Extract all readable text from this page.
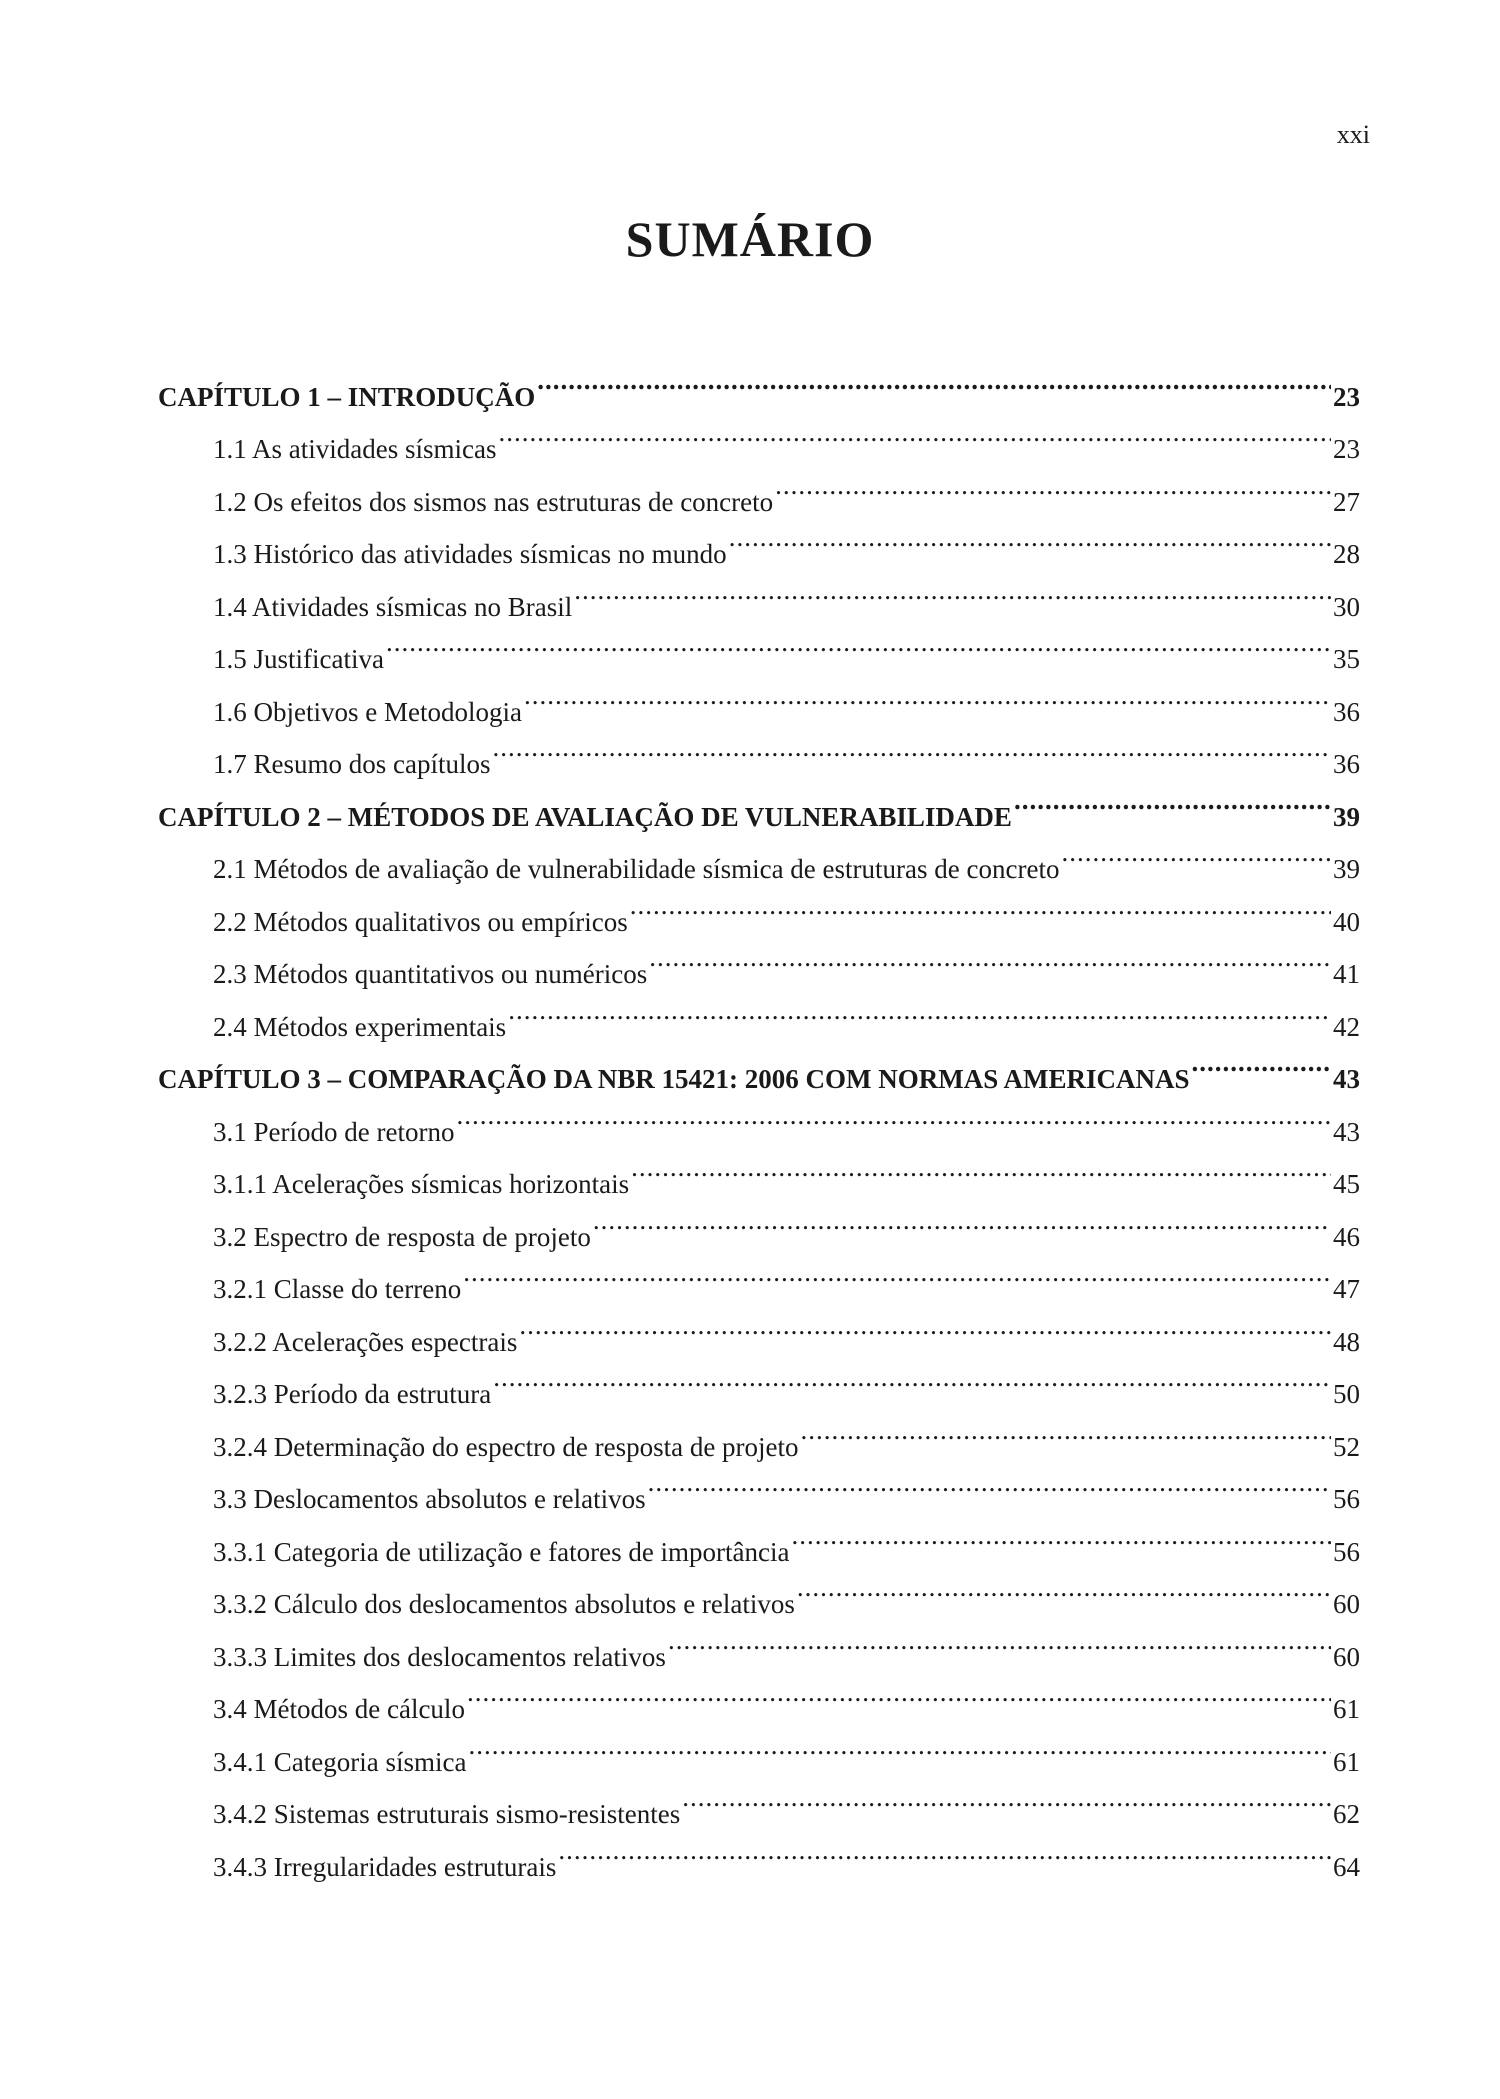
xxi
SUMÁRIO
CAPÍTULO 1 – INTRODUÇÃO .....	23
1.1 As atividades sísmicas .....	23
1.2 Os efeitos dos sismos nas estruturas de concreto .....	27
1.3 Histórico das atividades sísmicas no mundo .....	28
1.4 Atividades sísmicas no Brasil .....	30
1.5 Justificativa .....	35
1.6 Objetivos e Metodologia .....	36
1.7 Resumo dos capítulos .....	36
CAPÍTULO 2 – MÉTODOS DE AVALIAÇÃO DE VULNERABILIDADE .....	39
2.1 Métodos de avaliação de vulnerabilidade sísmica de estruturas de concreto .....	39
2.2 Métodos qualitativos ou empíricos .....	40
2.3 Métodos quantitativos ou numéricos .....	41
2.4 Métodos experimentais .....	42
CAPÍTULO 3 – COMPARAÇÃO DA NBR 15421: 2006 COM NORMAS AMERICANAS .....	43
3.1 Período de retorno .....	43
3.1.1 Acelerações sísmicas horizontais .....	45
3.2 Espectro de resposta de projeto .....	46
3.2.1 Classe do terreno .....	47
3.2.2 Acelerações espectrais .....	48
3.2.3 Período da estrutura .....	50
3.2.4 Determinação do espectro de resposta de projeto .....	52
3.3 Deslocamentos absolutos e relativos .....	56
3.3.1 Categoria de utilização e fatores de importância .....	56
3.3.2 Cálculo dos deslocamentos absolutos e relativos .....	60
3.3.3 Limites dos deslocamentos relativos .....	60
3.4 Métodos de cálculo .....	61
3.4.1 Categoria sísmica .....	61
3.4.2 Sistemas estruturais sismo-resistentes .....	62
3.4.3 Irregularidades estruturais .....	64
